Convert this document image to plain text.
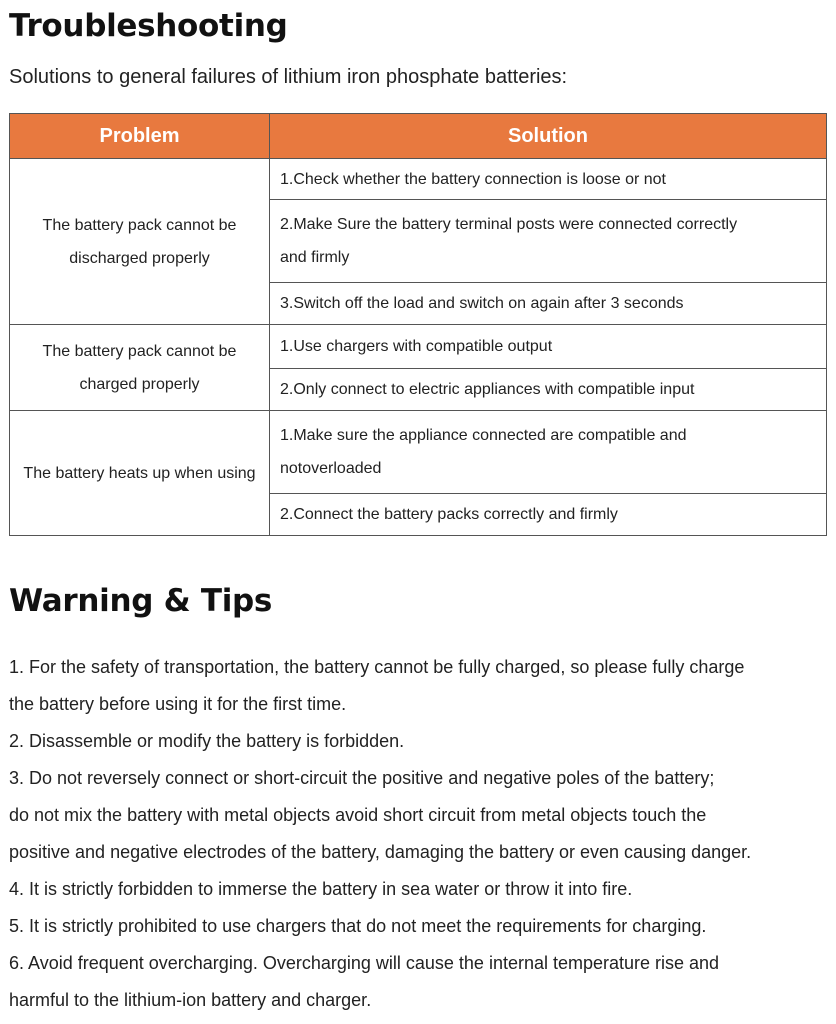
Troubleshooting
Solutions to general failures of lithium iron phosphate batteries:
Problem	Solution

The battery pack cannot be
discharged properly	1.Check whether the battery connection is loose or not

	2.Make Sure the battery terminal posts were connected correctly
and firmly

	3.Switch off the load and switch on again after 3 seconds

The battery pack cannot be
charged properly	1.Use chargers with compatible output

	2.Only connect to electric appliances with compatible input

The battery heats up when using	1.Make sure the appliance connected are compatible and
notoverloaded

	2.Connect the battery packs correctly and firmly
Warning & Tips

1. For the safety of transportation, the battery cannot be fully charged, so please fully charge

the battery before using it for the first time.

2. Disassemble or modify the battery is forbidden.

3. Do not reversely connect or short-circuit the positive and negative poles of the battery;

do not mix the battery with metal objects avoid short circuit from metal objects touch the

positive and negative electrodes of the battery, damaging the battery or even causing danger.

4. It is strictly forbidden to immerse the battery in sea water or throw it into fire.

5. It is strictly prohibited to use chargers that do not meet the requirements for charging.

6. Avoid frequent overcharging. Overcharging will cause the internal temperature rise and

harmful to the lithium-ion battery and charger.
